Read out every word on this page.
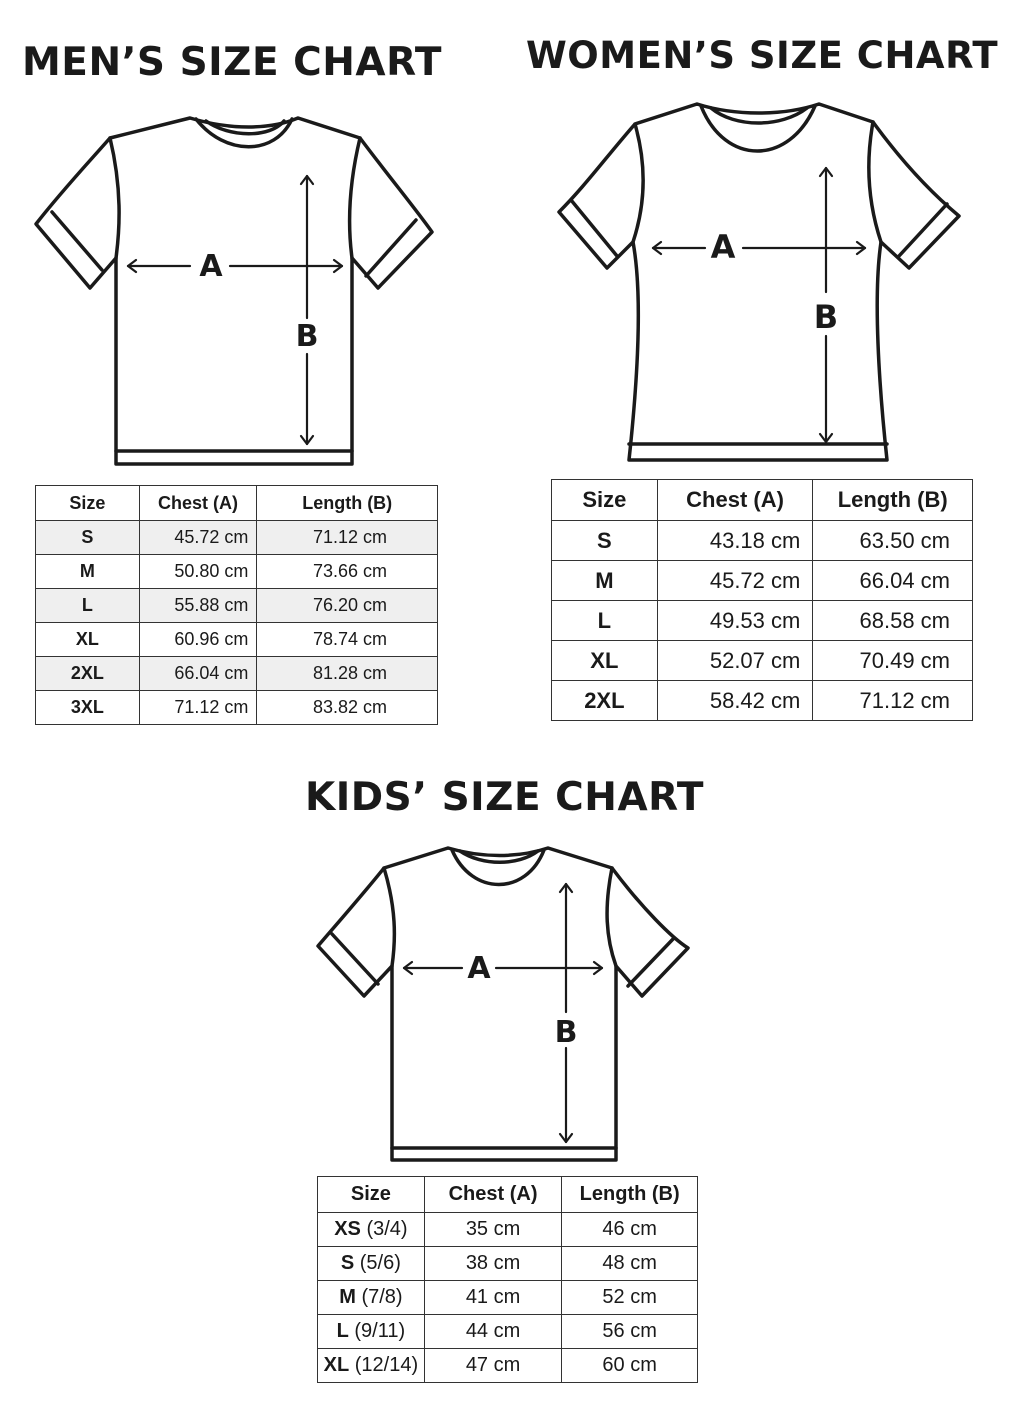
MEN’S SIZE CHART
A
B
Size	Chest (A)	Length (B)
S	45.72 cm	71.12 cm
M	50.80 cm	73.66 cm
L	55.88 cm	76.20 cm
XL	60.96 cm	78.74 cm
2XL	66.04 cm	81.28 cm
3XL	71.12 cm	83.82 cm
WOMEN’S SIZE CHART
A
B
Size	Chest (A)	Length (B)
S	43.18 cm	63.50 cm
M	45.72 cm	66.04 cm
L	49.53 cm	68.58 cm
XL	52.07 cm	70.49 cm
2XL	58.42 cm	71.12 cm
KIDS’ SIZE CHART
A
B
Size	Chest (A)	Length (B)
XS (3/4)	35 cm	46 cm
S (5/6)	38 cm	48 cm
M (7/8)	41 cm	52 cm
L (9/11)	44 cm	56 cm
XL (12/14)	47 cm	60 cm
